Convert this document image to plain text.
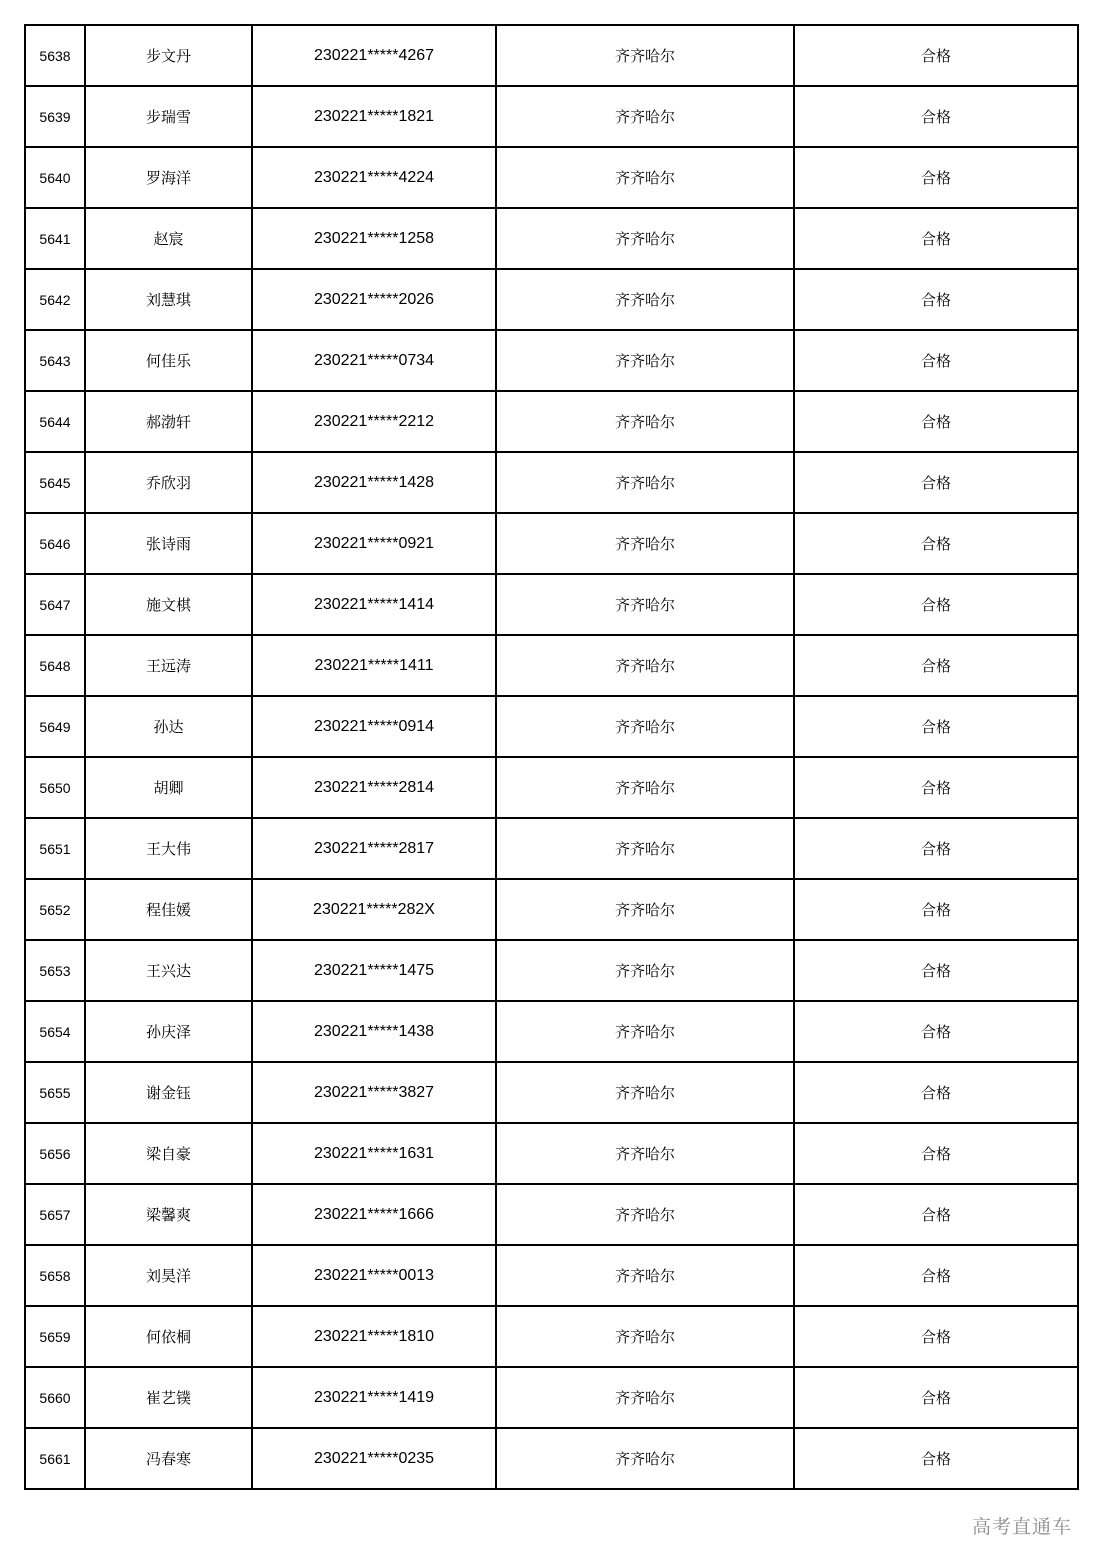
5638	步文丹	230221*****4267	齐齐哈尔	合格
5639	步瑞雪	230221*****1821	齐齐哈尔	合格
5640	罗海洋	230221*****4224	齐齐哈尔	合格
5641	赵宸	230221*****1258	齐齐哈尔	合格
5642	刘慧琪	230221*****2026	齐齐哈尔	合格
5643	何佳乐	230221*****0734	齐齐哈尔	合格
5644	郝渤轩	230221*****2212	齐齐哈尔	合格
5645	乔欣羽	230221*****1428	齐齐哈尔	合格
5646	张诗雨	230221*****0921	齐齐哈尔	合格
5647	施文棋	230221*****1414	齐齐哈尔	合格
5648	王远涛	230221*****1411	齐齐哈尔	合格
5649	孙达	230221*****0914	齐齐哈尔	合格
5650	胡卿	230221*****2814	齐齐哈尔	合格
5651	王大伟	230221*****2817	齐齐哈尔	合格
5652	程佳媛	230221*****282X	齐齐哈尔	合格
5653	王兴达	230221*****1475	齐齐哈尔	合格
5654	孙庆泽	230221*****1438	齐齐哈尔	合格
5655	谢金钰	230221*****3827	齐齐哈尔	合格
5656	梁自豪	230221*****1631	齐齐哈尔	合格
5657	梁馨爽	230221*****1666	齐齐哈尔	合格
5658	刘昊洋	230221*****0013	齐齐哈尔	合格
5659	何依桐	230221*****1810	齐齐哈尔	合格
5660	崔艺镤	230221*****1419	齐齐哈尔	合格
5661	冯春寒	230221*****0235	齐齐哈尔	合格
高考直通车
